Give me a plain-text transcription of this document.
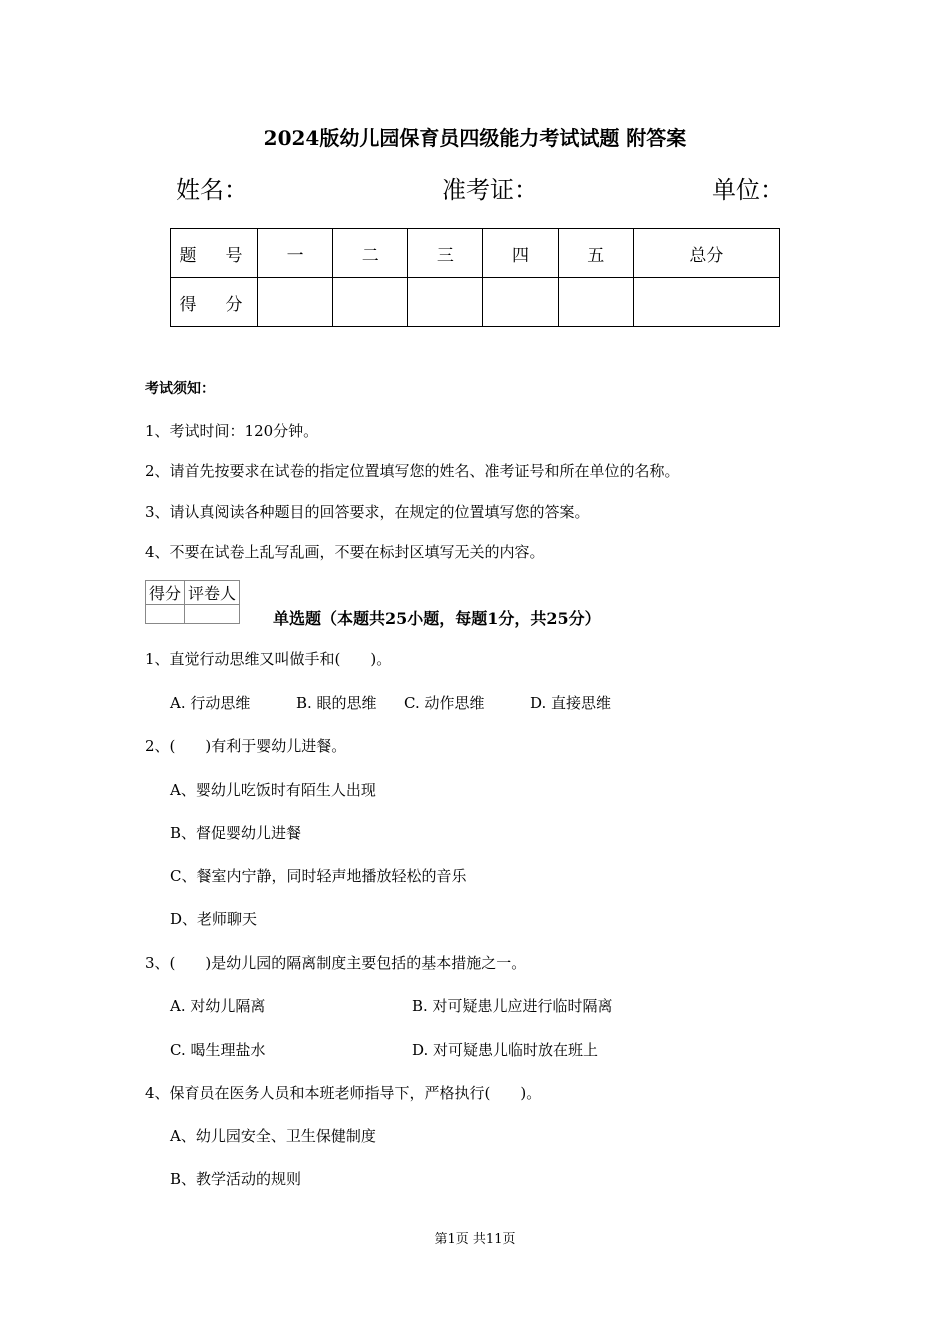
2024版幼儿园保育员四级能力考试试题 附答案
姓名：	准考证：	单位：
题　号	一	二	三	四	五	总分
得　分						
考试须知：
1、考试时间：120分钟。
2、请首先按要求在试卷的指定位置填写您的姓名、准考证号和所在单位的名称。
3、请认真阅读各种题目的回答要求，在规定的位置填写您的答案。
4、不要在试卷上乱写乱画，不要在标封区填写无关的内容。
得分	评卷人

单选题（本题共25小题，每题1分，共25分）
1、直觉行动思维又叫做手和(　　)。
A. 行动思维	B. 眼的思维 C. 动作思维	D. 直接思维
2、(　　)有利于婴幼儿进餐。
A、婴幼儿吃饭时有陌生人出现
B、督促婴幼儿进餐
C、餐室内宁静，同时轻声地播放轻松的音乐
D、老师聊天
3、(　　)是幼儿园的隔离制度主要包括的基本措施之一。
A. 对幼儿隔离	B. 对可疑患儿应进行临时隔离
C. 喝生理盐水	D. 对可疑患儿临时放在班上
4、保育员在医务人员和本班老师指导下，严格执行(　　)。
A、幼儿园安全、卫生保健制度
B、教学活动的规则
第1页 共11页
